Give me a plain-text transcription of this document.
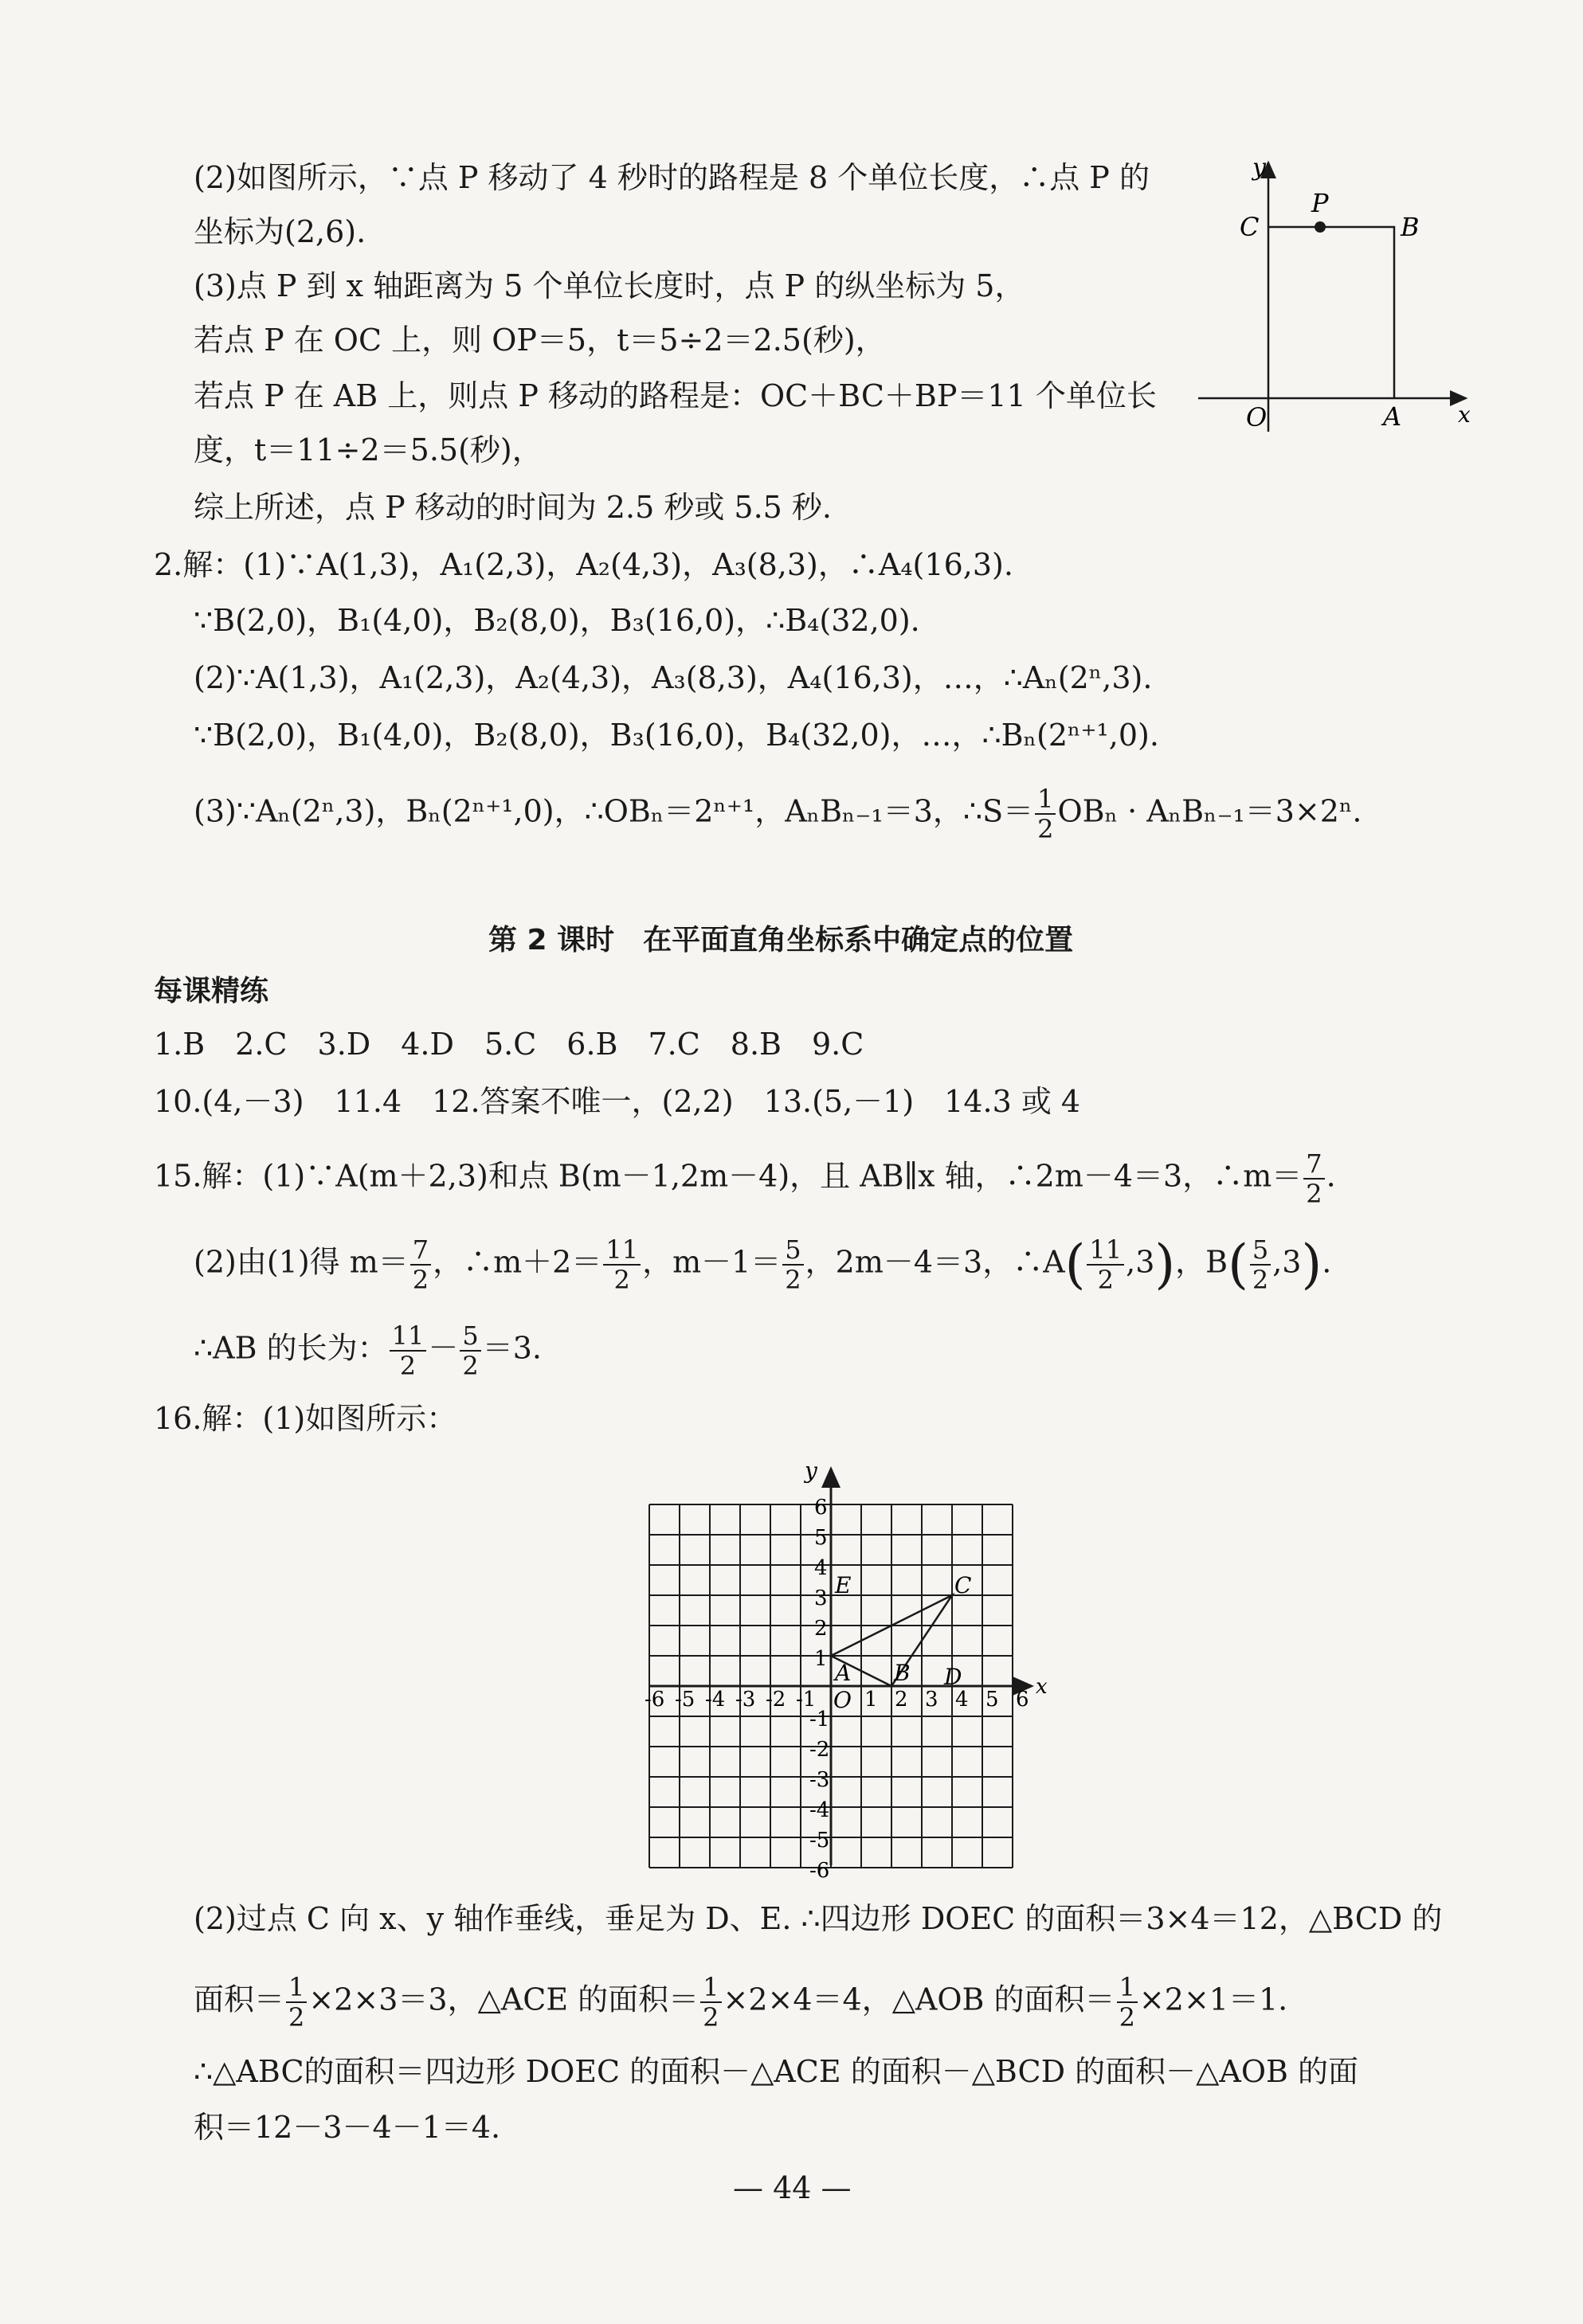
(2)如图所示，∵点 P 移动了 4 秒时的路程是 8 个单位长度，∴点 P 的
坐标为(2,6).
(3)点 P 到 x 轴距离为 5 个单位长度时，点 P 的纵坐标为 5，
若点 P 在 OC 上，则 OP＝5，t＝5÷2＝2.5(秒)，
若点 P 在 AB 上，则点 P 移动的路程是：OC＋BC＋BP＝11 个单位长
度，t＝11÷2＝5.5(秒)，
综上所述，点 P 移动的时间为 2.5 秒或 5.5 秒.
y
x
O	A
B
C
P
2.解：(1)∵A(1,3)，A₁(2,3)，A₂(4,3)，A₃(8,3)，∴A₄(16,3).
∵B(2,0)，B₁(4,0)，B₂(8,0)，B₃(16,0)，∴B₄(32,0).
(2)∵A(1,3)，A₁(2,3)，A₂(4,3)，A₃(8,3)，A₄(16,3)，…，∴Aₙ(2ⁿ,3).
∵B(2,0)，B₁(4,0)，B₂(8,0)，B₃(16,0)，B₄(32,0)，…，∴Bₙ(2ⁿ⁺¹,0).
(3)∵Aₙ(2ⁿ,3)，Bₙ(2ⁿ⁺¹,0)，∴OBₙ＝2ⁿ⁺¹，AₙBₙ₋₁＝3，∴S＝ $\frac{1}{2}$ OBₙ · AₙBₙ₋₁＝3×2ⁿ.
第 2 课时　在平面直角坐标系中确定点的位置
每课精练
1.B　2.C　3.D　4.D　5.C　6.B　7.C　8.B　9.C
10.(4,－3)　11.4　12.答案不唯一，(2,2)　13.(5,－1)　14.3 或 4
15.解：(1)∵A(m＋2,3)和点 B(m－1,2m－4)，且 AB∥x 轴，∴2m－4＝3，∴m＝ $\frac{7}{2}$ .
(2)由(1)得 $m= \frac{7}{2}$ ，∴m＋2＝ $\frac{11}{2}$ ，$m-1= \frac{5}{2}$ ，2m－4＝3，∴A( $\frac{11}{2} ,3$)，$B( \frac{5}{2} ,3)$.
∴AB 的长为： $\frac{11}{2} - \frac{5}{2} =3$.
16.解：(1)如图所示：
-6 -5 -4 -3 -2 -1 1 2 3 4 5 6
6
5
4
3
2
1
-1
-2
-3
-4
-5
-6
y
x
O
A B
C
D
E
(2)过点 C 向 x、y 轴作垂线，垂足为 D、E. ∴四边形 DOEC 的面积＝3×4＝12，△BCD 的
面积＝ $\frac{1}{2} \times 2\times 3=3$，△ACE 的面积＝ $\frac{1}{2} \times 2\times 4=4$，△AOB 的面积＝ $\frac{1}{2} \times 2\times 1=1$.
∴△ABC的面积＝四边形 DOEC 的面积－△ACE 的面积－△BCD 的面积－△AOB 的面
积＝12－3－4－1＝4.
— 44 —
